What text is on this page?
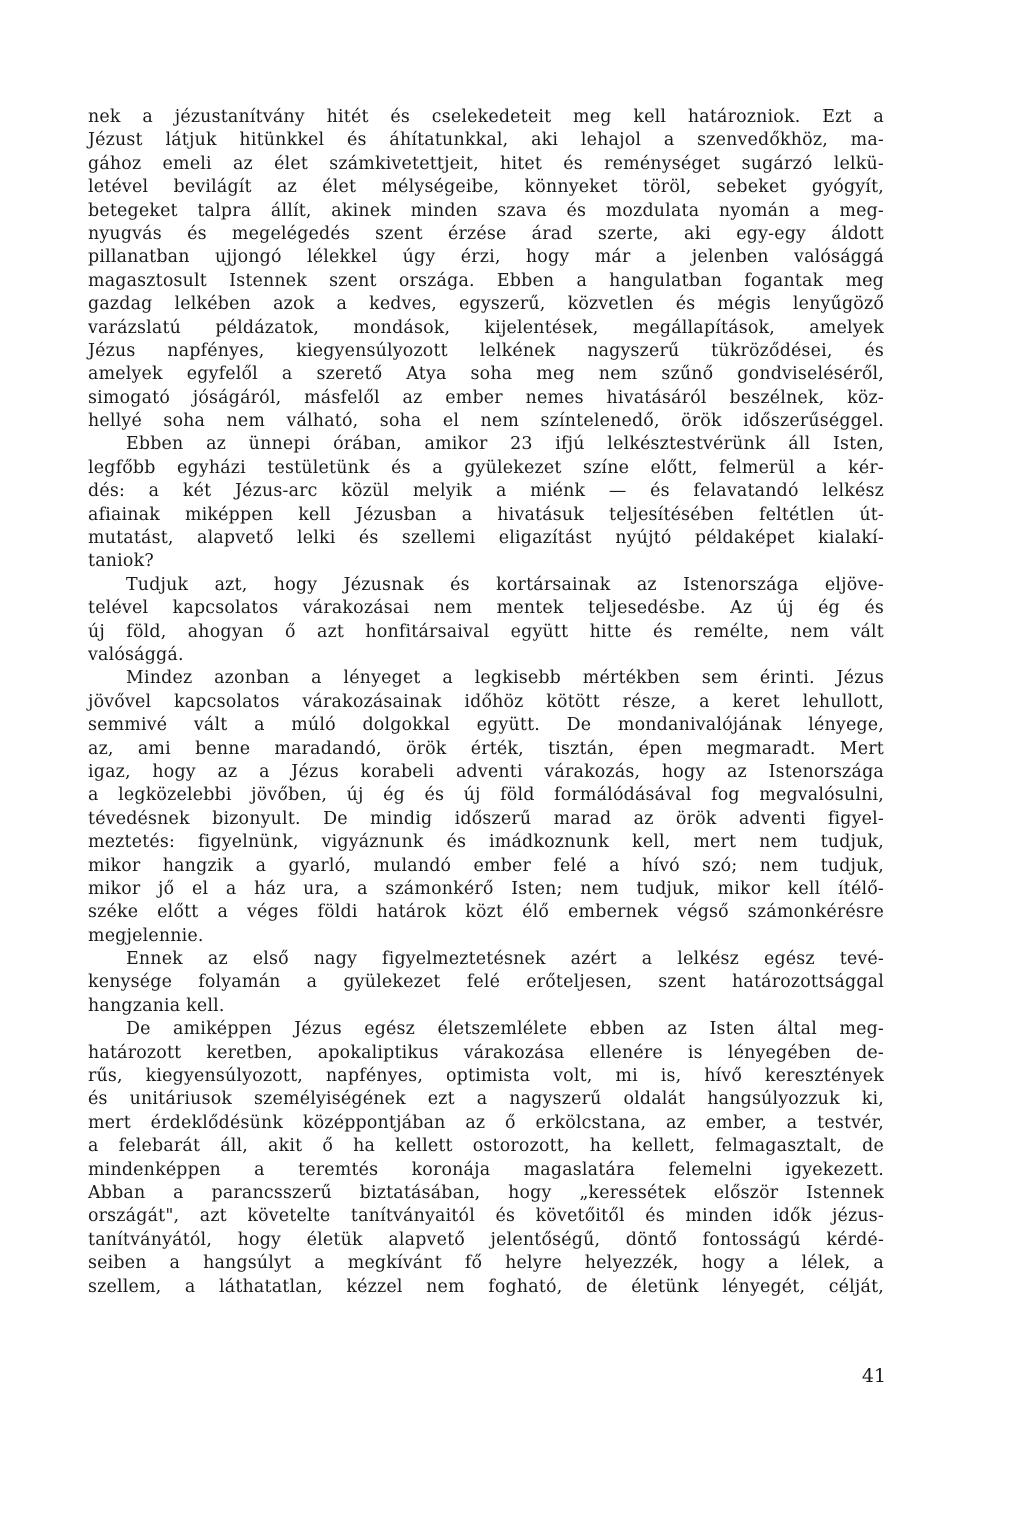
nek a jézustanítvány hitét és cselekedeteit meg kell határozniok. Ezt a
Jézust látjuk hitünkkel és áhítatunkkal, aki lehajol a szenvedőkhöz, ma-
gához emeli az élet számkivetettjeit, hitet és reménységet sugárzó lelkü-
letével bevilágít az élet mélységeibe, könnyeket töröl, sebeket gyógyít,
betegeket talpra állít, akinek minden szava és mozdulata nyomán a meg-
nyugvás és megelégedés szent érzése árad szerte, aki egy-egy áldott
pillanatban ujjongó lélekkel úgy érzi, hogy már a jelenben valósággá
magasztosult Istennek szent országa. Ebben a hangulatban fogantak meg
gazdag lelkében azok a kedves, egyszerű, közvetlen és mégis lenyűgöző
varázslatú példázatok, mondások, kijelentések, megállapítások, amelyek
Jézus napfényes, kiegyensúlyozott lelkének nagyszerű tükröződései, és
amelyek egyfelől a szerető Atya soha meg nem szűnő gondviseléséről,
simogató jóságáról, másfelől az ember nemes hivatásáról beszélnek, köz-
hellyé soha nem válható, soha el nem színtelenedő, örök időszerűséggel.
Ebben az ünnepi órában, amikor 23 ifjú lelkésztestvérünk áll Isten,
legfőbb egyházi testületünk és a gyülekezet színe előtt, felmerül a kér-
dés: a két Jézus-arc közül melyik a miénk — és felavatandó lelkész
afiainak miképpen kell Jézusban a hivatásuk teljesítésében feltétlen út-
mutatást, alapvető lelki és szellemi eligazítást nyújtó példaképet kialakí-
taniok?
Tudjuk azt, hogy Jézusnak és kortársainak az Istenországa eljöve-
telével kapcsolatos várakozásai nem mentek teljesedésbe. Az új ég és
új föld, ahogyan ő azt honfitársaival együtt hitte és remélte, nem vált
valósággá.
Mindez azonban a lényeget a legkisebb mértékben sem érinti. Jézus
jövővel kapcsolatos várakozásainak időhöz kötött része, a keret lehullott,
semmivé vált a múló dolgokkal együtt. De mondanivalójának lényege,
az, ami benne maradandó, örök érték, tisztán, épen megmaradt. Mert
igaz, hogy az a Jézus korabeli adventi várakozás, hogy az Istenországa
a legközelebbi jövőben, új ég és új föld formálódásával fog megvalósulni,
tévedésnek bizonyult. De mindig időszerű marad az örök adventi figyel-
meztetés: figyelnünk, vigyáznunk és imádkoznunk kell, mert nem tudjuk,
mikor hangzik a gyarló, mulandó ember felé a hívó szó; nem tudjuk,
mikor jő el a ház ura, a számonkérő Isten; nem tudjuk, mikor kell ítélő-
széke előtt a véges földi határok közt élő embernek végső számonkérésre
megjelennie.
Ennek az első nagy figyelmeztetésnek azért a lelkész egész tevé-
kenysége folyamán a gyülekezet felé erőteljesen, szent határozottsággal
hangzania kell.
De amiképpen Jézus egész életszemlélete ebben az Isten által meg-
határozott keretben, apokaliptikus várakozása ellenére is lényegében de-
rűs, kiegyensúlyozott, napfényes, optimista volt, mi is, hívő keresztények
és unitáriusok személyiségének ezt a nagyszerű oldalát hangsúlyozzuk ki,
mert érdeklődésünk középpontjában az ő erkölcstana, az ember, a testvér,
a felebarát áll, akit ő ha kellett ostorozott, ha kellett, felmagasztalt, de
mindenképpen a teremtés koronája magaslatára felemelni igyekezett.
Abban a parancsszerű biztatásában, hogy „keressétek először Istennek
országát", azt követelte tanítványaitól és követőitől és minden idők jézus-
tanítványától, hogy életük alapvető jelentőségű, döntő fontosságú kérdé-
seiben a hangsúlyt a megkívánt fő helyre helyezzék, hogy a lélek, a
szellem, a láthatatlan, kézzel nem fogható, de életünk lényegét, célját,
41
